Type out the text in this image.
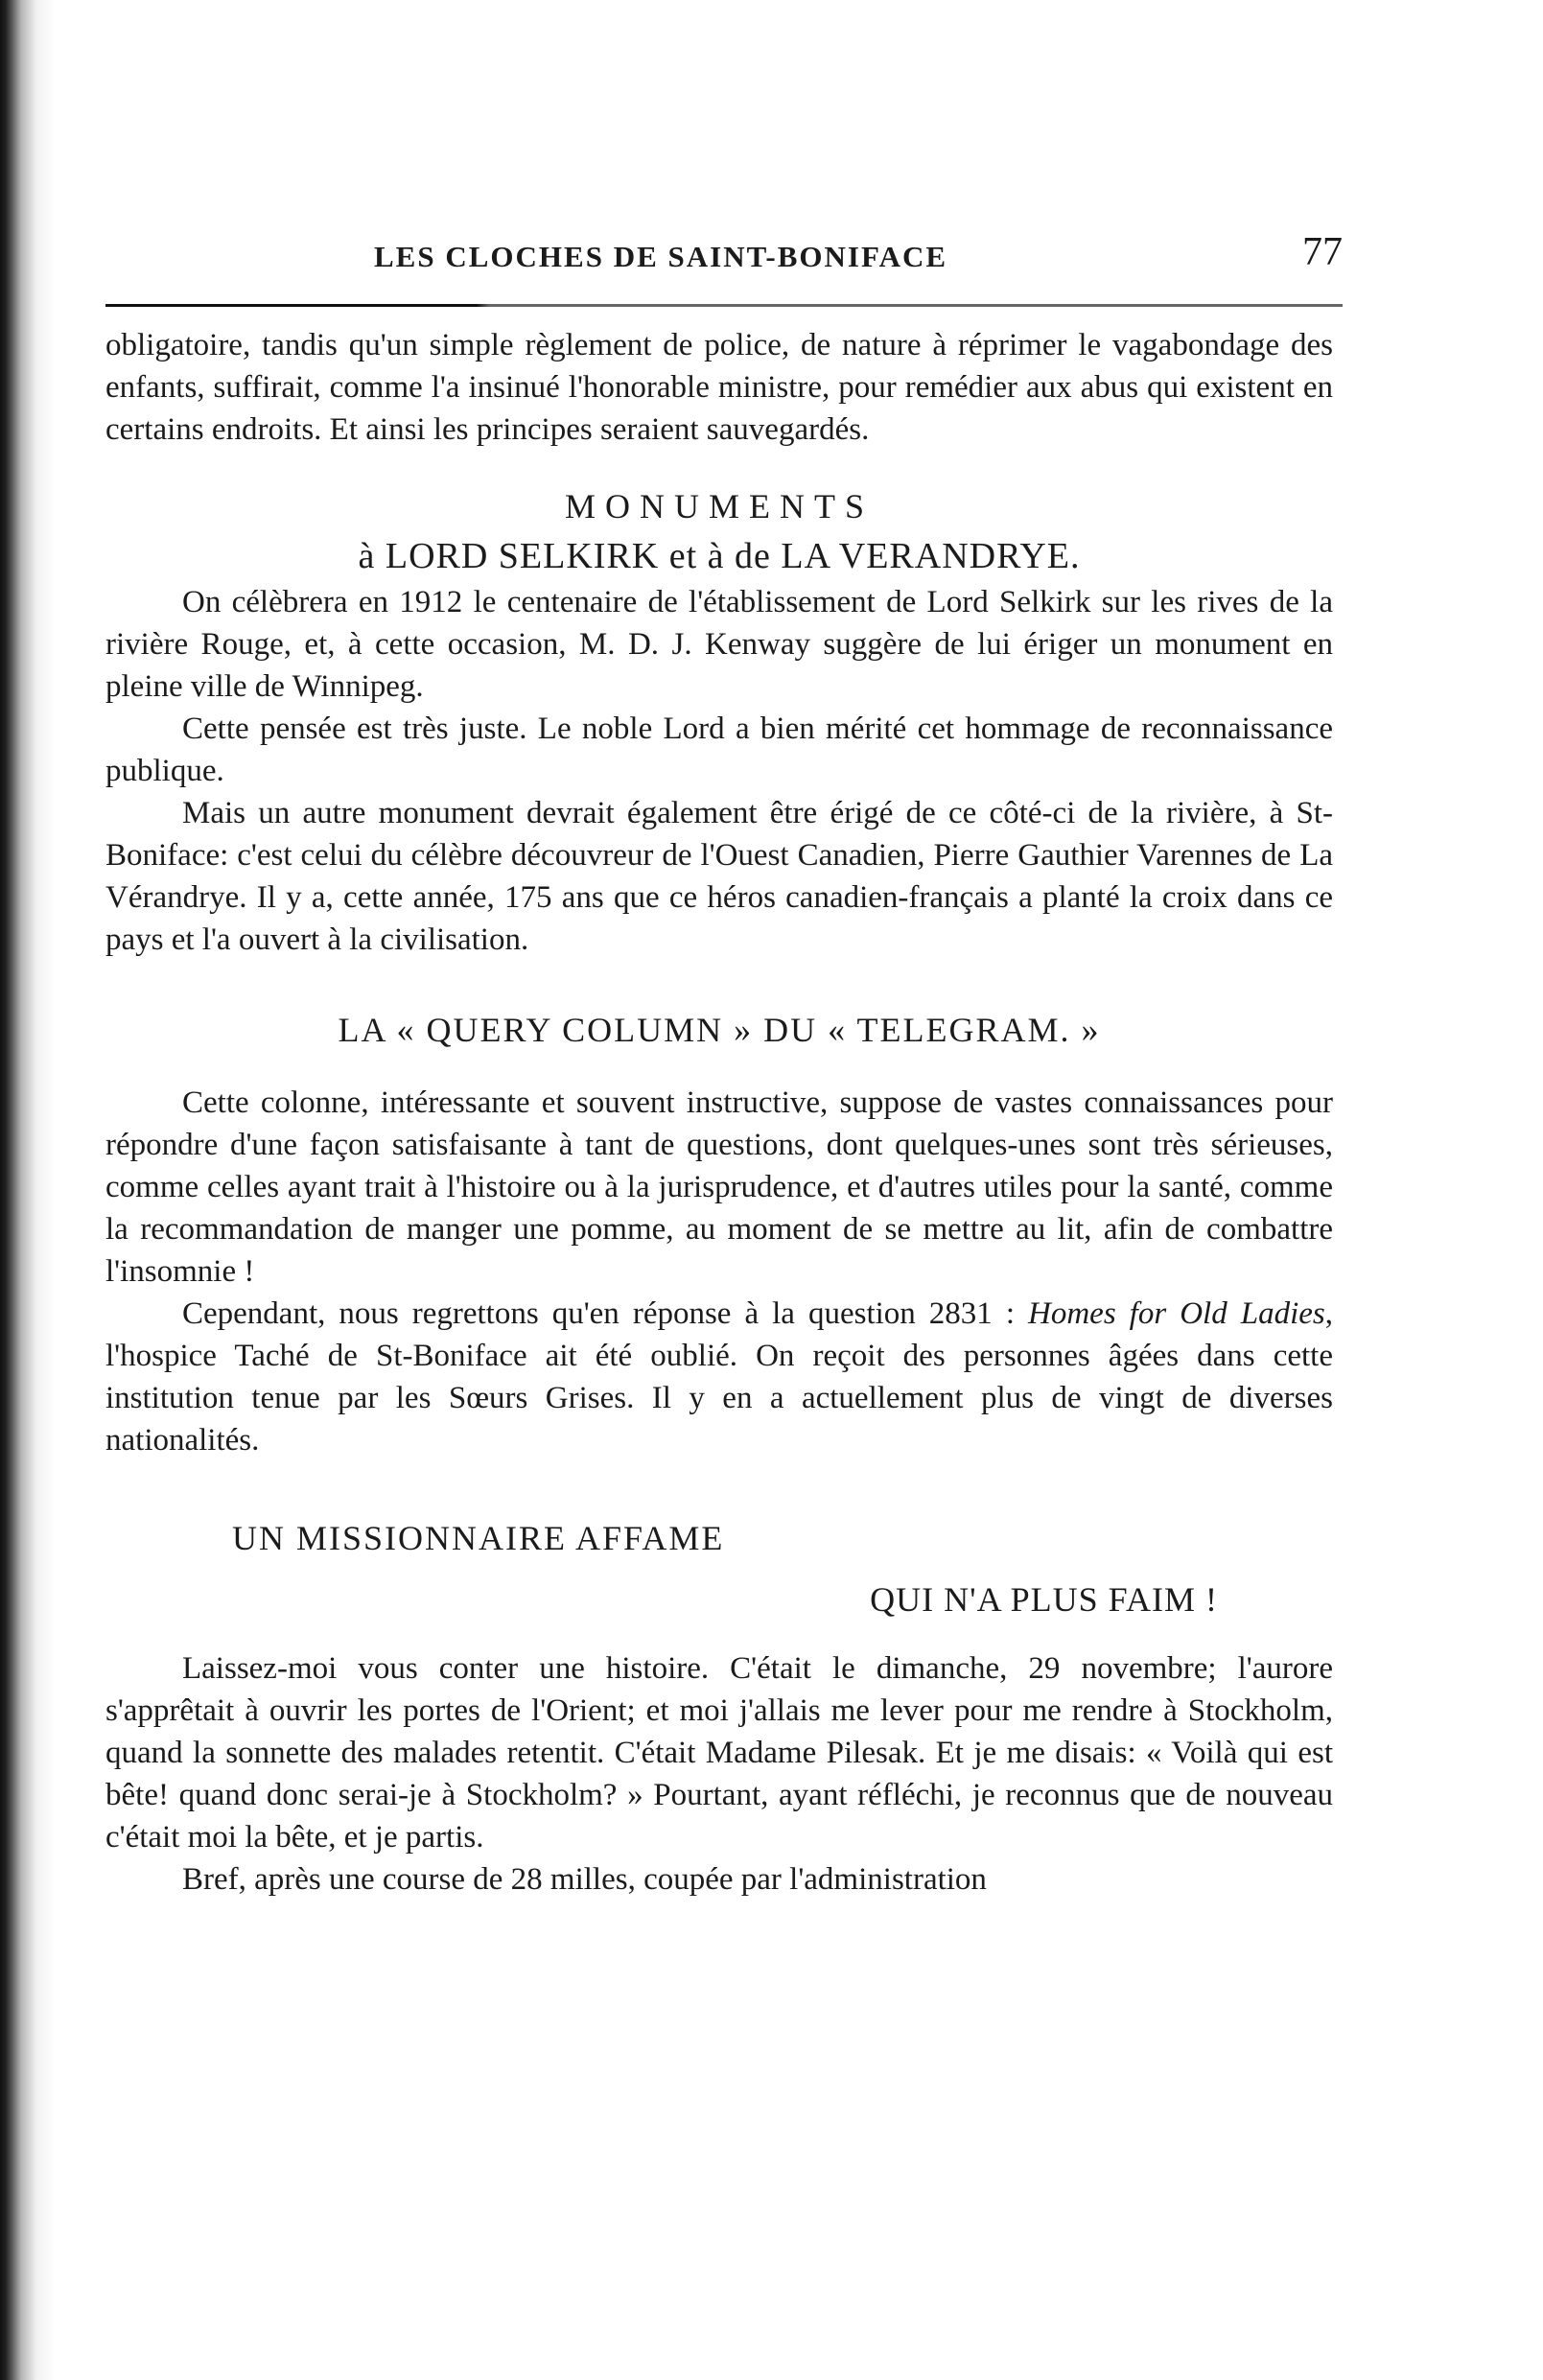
LES CLOCHES DE SAINT-BONIFACE	77

obligatoire, tandis qu'un simple règlement de police, de nature à réprimer le vagabondage des enfants, suffirait, comme l'a insinué l'honorable ministre, pour remédier aux abus qui existent en certains endroits. Et ainsi les principes seraient sauvegardés.

MONUMENTS
à LORD SELKIRK et à de LA VERANDRYE.

On célèbrera en 1912 le centenaire de l'établissement de Lord Selkirk sur les rives de la rivière Rouge, et, à cette occasion, M. D. J. Kenway suggère de lui ériger un monument en pleine ville de Winnipeg.

Cette pensée est très juste. Le noble Lord a bien mérité cet hommage de reconnaissance publique.

Mais un autre monument devrait également être érigé de ce côté-ci de la rivière, à St-Boniface: c'est celui du célèbre découvreur de l'Ouest Canadien, Pierre Gauthier Varennes de La Vérandrye. Il y a, cette année, 175 ans que ce héros canadien-français a planté la croix dans ce pays et l'a ouvert à la civilisation.

LA « QUERY COLUMN » DU « TELEGRAM. »

Cette colonne, intéressante et souvent instructive, suppose de vastes connaissances pour répondre d'une façon satisfaisante à tant de questions, dont quelques-unes sont très sérieuses, comme celles ayant trait à l'histoire ou à la jurisprudence, et d'autres utiles pour la santé, comme la recommandation de manger une pomme, au moment de se mettre au lit, afin de combattre l'insomnie !

Cependant, nous regrettons qu'en réponse à la question 2831 : Homes for Old Ladies, l'hospice Taché de St-Boniface ait été oublié. On reçoit des personnes âgées dans cette institution tenue par les Sœurs Grises. Il y en a actuellement plus de vingt de diverses nationalités.

UN MISSIONNAIRE AFFAME
QUI N'A PLUS FAIM !

Laissez-moi vous conter une histoire. C'était le dimanche, 29 novembre; l'aurore s'apprêtait à ouvrir les portes de l'Orient; et moi j'allais me lever pour me rendre à Stockholm, quand la sonnette des malades retentit. C'était Madame Pilesak. Et je me disais: « Voilà qui est bête! quand donc serai-je à Stockholm? » Pourtant, ayant réfléchi, je reconnus que de nouveau c'était moi la bête, et je partis.

Bref, après une course de 28 milles, coupée par l'administration
